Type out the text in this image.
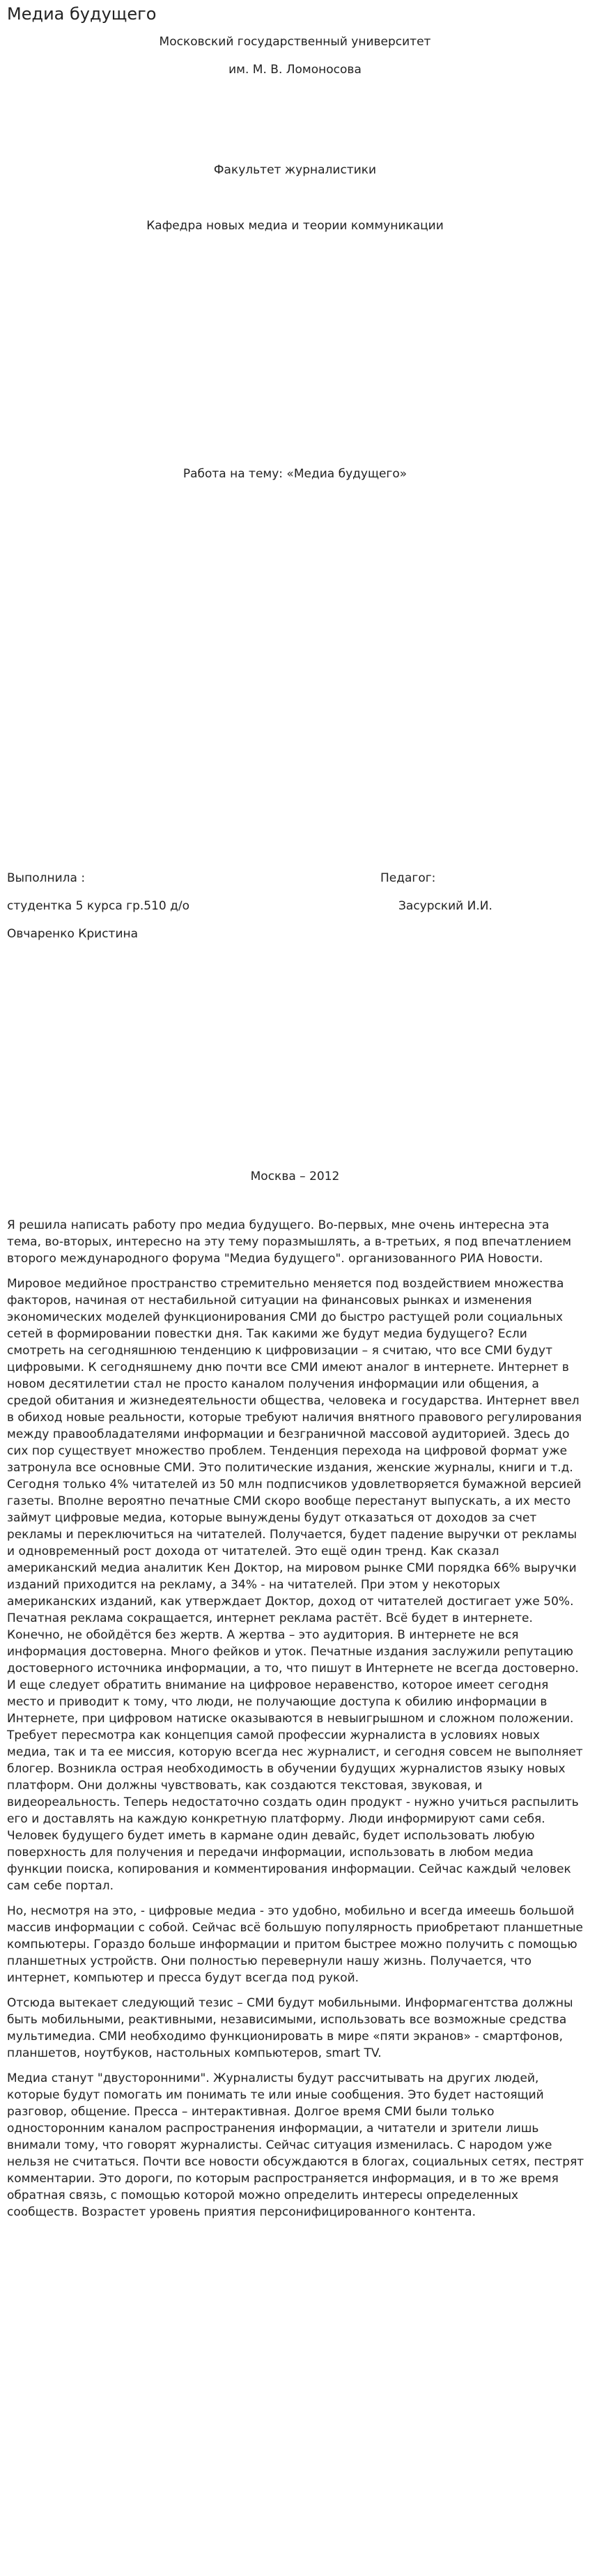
Медиа будущего
Московский государственный университет
им. М. В. Ломоносова
Факультет журналистики
Кафедра новых медиа и теории коммуникации
Работа на тему: «Медиа будущего»
Выполнила :
студентка 5 курса гр.510 д/о
Овчаренко Кристина
Педагог:
Засурский И.И.
Москва – 2012

Я решила написать работу про медиа будущего. Во-первых, мне очень интересна эта тема, во-вторых, интересно на эту тему поразмышлять, а в-третьих, я под впечатлением второго международного форума "Медиа будущего". организованного РИА Новости.

Мировое медийное пространство стремительно меняется под воздействием множества факторов, начиная от нестабильной ситуации на финансовых рынках и изменения экономических моделей функционирования СМИ до быстро растущей роли социальных сетей в формировании повестки дня. Так какими же будут медиа будущего? Если смотреть на сегодняшнюю тенденцию к цифровизации – я считаю, что все СМИ будут цифровыми. К сегодняшнему дню почти все СМИ имеют аналог в интернете. Интернет в новом десятилетии стал не просто каналом получения информации или общения, а средой обитания и жизнедеятельности общества, человека и государства. Интернет ввел в обиход новые реальности, которые требуют наличия внятного правового регулирования между правообладателями информации и безграничной массовой аудиторией. Здесь до сих пор существует множество проблем. Тенденция перехода на цифровой формат уже затронула все основные СМИ. Это политические издания, женские журналы, книги и т.д. Сегодня только 4% читателей из 50 млн подписчиков удовлетворяется бумажной версией газеты. Вполне вероятно печатные СМИ скоро вообще перестанут выпускать, а их место займут цифровые медиа, которые вынуждены будут отказаться от доходов за счет рекламы и переключиться на читателей. Получается, будет падение выручки от рекламы и одновременный рост дохода от читателей. Это ещё один тренд. Как сказал американский медиа аналитик Кен Доктор, на мировом рынке СМИ порядка 66% выручки изданий приходится на рекламу, а 34% - на читателей. При этом у некоторых американских изданий, как утверждает Доктор, доход от читателей достигает уже 50%. Печатная реклама сокращается, интернет реклама растёт. Всё будет в интернете. Конечно, не обойдётся без жертв. А жертва – это аудитория. В интернете не вся информация достоверна. Много фейков и уток. Печатные издания заслужили репутацию достоверного источника информации, а то, что пишут в Интернете не всегда достоверно. И еще следует обратить внимание на цифровое неравенство, которое имеет сегодня место и приводит к тому, что люди, не получающие доступа к обилию информации в Интернете, при цифровом натиске оказываются в невыигрышном и сложном положении. Требует пересмотра как концепция самой профессии журналиста в условиях новых медиа, так и та ее миссия, которую всегда нес журналист, и сегодня совсем не выполняет блогер. Возникла острая необходимость в обучении будущих журналистов языку новых платформ. Они должны чувствовать, как создаются текстовая, звуковая, и видеореальность. Теперь недостаточно создать один продукт - нужно учиться распылить его и доставлять на каждую конкретную платформу. Люди информируют сами себя. Человек будущего будет иметь в кармане один девайс, будет использовать любую поверхность для получения и передачи информации, использовать в любом медиа функции поиска, копирования и комментирования информации. Сейчас каждый человек сам себе портал.

Но, несмотря на это, - цифровые медиа - это удобно, мобильно и всегда имеешь большой массив информации с собой. Сейчас всё большую популярность приобретают планшетные компьютеры. Гораздо больше информации и притом быстрее можно получить с помощью планшетных устройств. Они полностью перевернули нашу жизнь. Получается, что интернет, компьютер и пресса будут всегда под рукой.

Отсюда вытекает следующий тезис – СМИ будут мобильными. Информагентства должны быть мобильными, реактивными, независимыми, использовать все возможные средства мультимедиа. СМИ необходимо функционировать в мире «пяти экранов» - смартфонов, планшетов, ноутбуков, настольных компьютеров, smart TV.

Медиа станут "двусторонними". Журналисты будут рассчитывать на других людей, которые будут помогать им понимать те или иные сообщения. Это будет настоящий разговор, общение. Пресса – интерактивная. Долгое время СМИ были только односторонним каналом распространения информации, а читатели и зрители лишь внимали тому, что говорят журналисты. Сейчас ситуация изменилась. С народом уже нельзя не считаться. Почти все новости обсуждаются в блогах, социальных сетях, пестрят комментарии. Это дороги, по которым распространяется информация, и в то же время обратная связь, с помощью которой можно определить интересы определенных сообществ. Возрастет уровень приятия персонифицированного контента.
